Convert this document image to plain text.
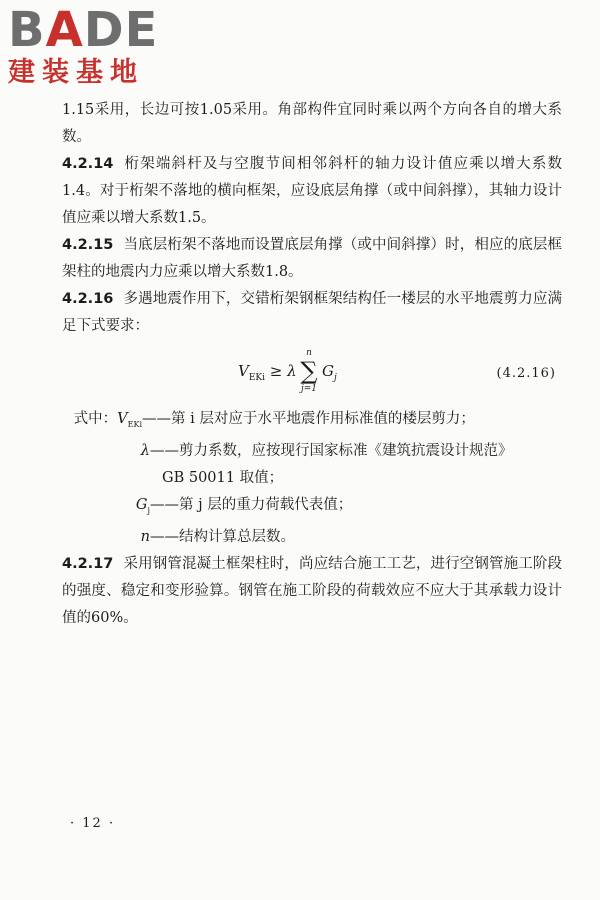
BADE
建装基地

1.15采用，长边可按1.05采用。角部构件宜同时乘以两个方向各自的增大系数。

4.2.14 桁架端斜杆及与空腹节间相邻斜杆的轴力设计值应乘以增大系数1.4。对于桁架不落地的横向框架，应设底层角撑（或中间斜撑），其轴力设计值应乘以增大系数1.5。

4.2.15 当底层桁架不落地而设置底层角撑（或中间斜撑）时，相应的底层框架柱的地震内力应乘以增大系数1.8。

4.2.16 多遇地震作用下，交错桁架钢框架结构任一楼层的水平地震剪力应满足下式要求：

$V_{EKi} \ge \lambda$
n
∑
j=1
$G_j$	(4.2.16)
式中：$V_{EKi}$ ——第 i 层对应于水平地震作用标准值的楼层剪力；
λ ——剪力系数，应按现行国家标准《建筑抗震设计规范》
GB 50011 取值；
$G_j$ ——第 j 层的重力荷载代表值；
n ——结构计算总层数。

4.2.17 采用钢管混凝土框架柱时，尚应结合施工工艺，进行空钢管施工阶段的强度、稳定和变形验算。钢管在施工阶段的荷载效应不应大于其承载力设计值的60%。

· 12 ·
